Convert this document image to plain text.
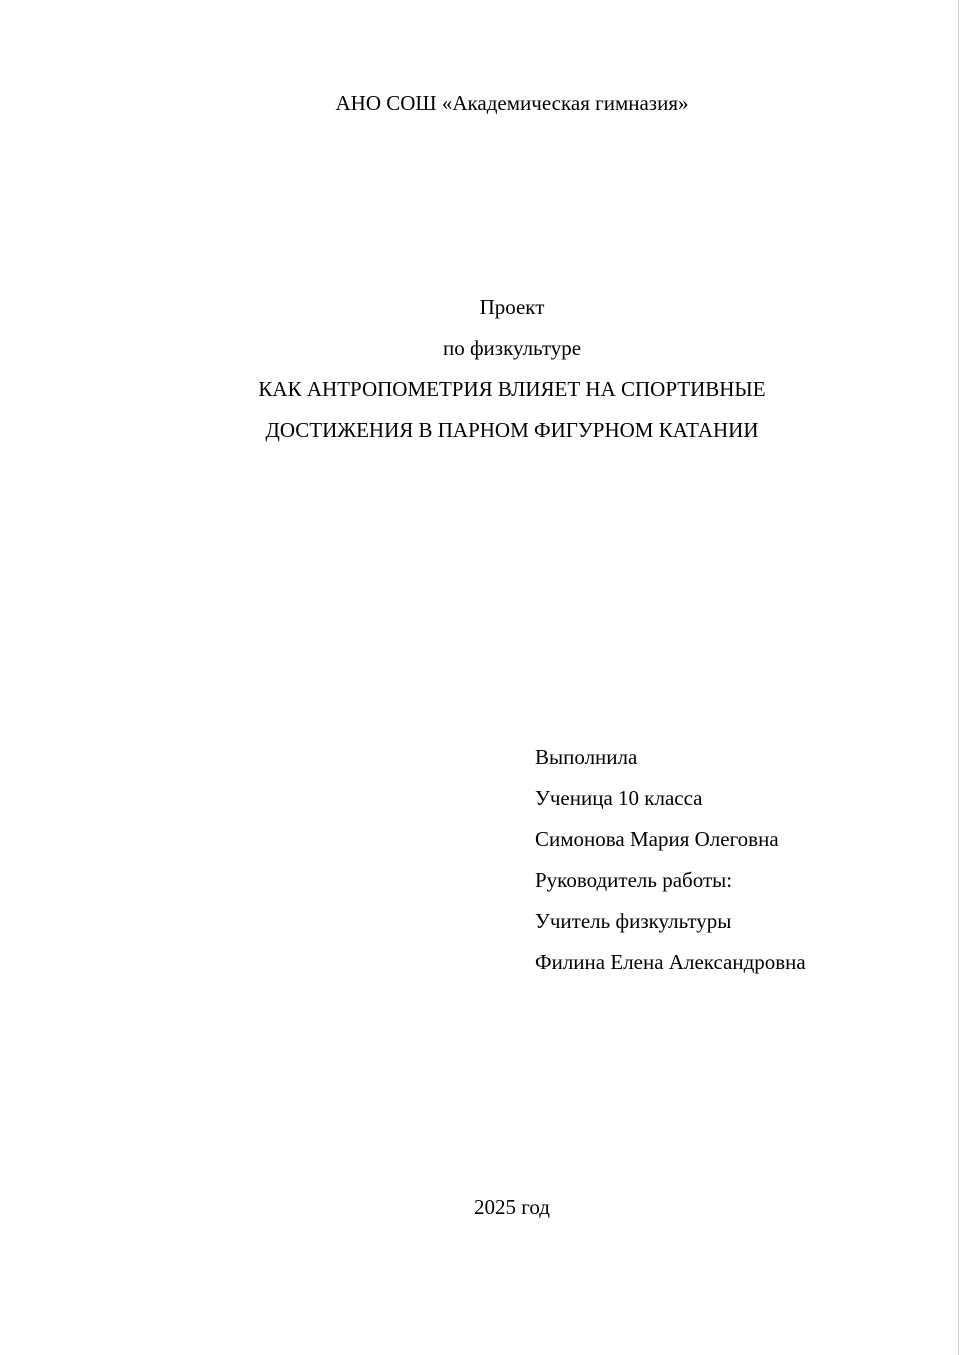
АНО СОШ «Академическая гимназия»
Проект
по физкультуре
КАК АНТРОПОМЕТРИЯ ВЛИЯЕТ НА СПОРТИВНЫЕ
ДОСТИЖЕНИЯ В ПАРНОМ ФИГУРНОМ КАТАНИИ
Выполнила
Ученица 10 класса
Симонова Мария Олеговна
Руководитель работы:
Учитель физкультуры
Филина Елена Александровна
2025 год
